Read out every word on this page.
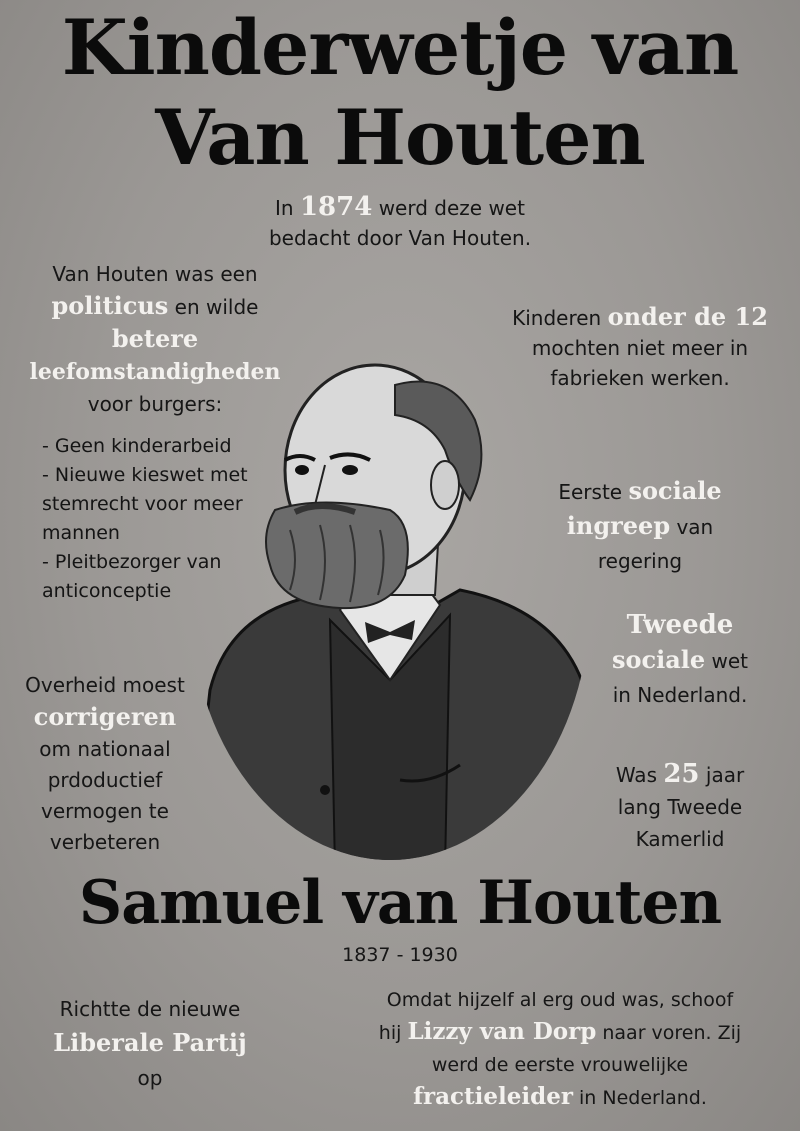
Kinderwetje van
Van Houten
In 1874 werd deze wet
bedacht door Van Houten.
Van Houten was een
politicus en wilde
betere
leefomstandigheden
voor burgers:
- Geen kinderarbeid
- Nieuwe kieswet met
stemrecht voor meer
mannen
- Pleitbezorger van
anticonceptie
Kinderen onder de 12
mochten niet meer in
fabrieken werken.
Eerste sociale
ingreep van
regering
Tweede
sociale wet
in Nederland.
Was 25 jaar
lang Tweede
Kamerlid
Overheid moest
corrigeren
om nationaal
prdoductief
vermogen te
verbeteren
Samuel van Houten
1837 - 1930
Richtte de nieuwe
Liberale Partij
op
Omdat hijzelf al erg oud was, schoof
hij Lizzy van Dorp naar voren. Zij
werd de eerste vrouwelijke
fractieleider in Nederland.
